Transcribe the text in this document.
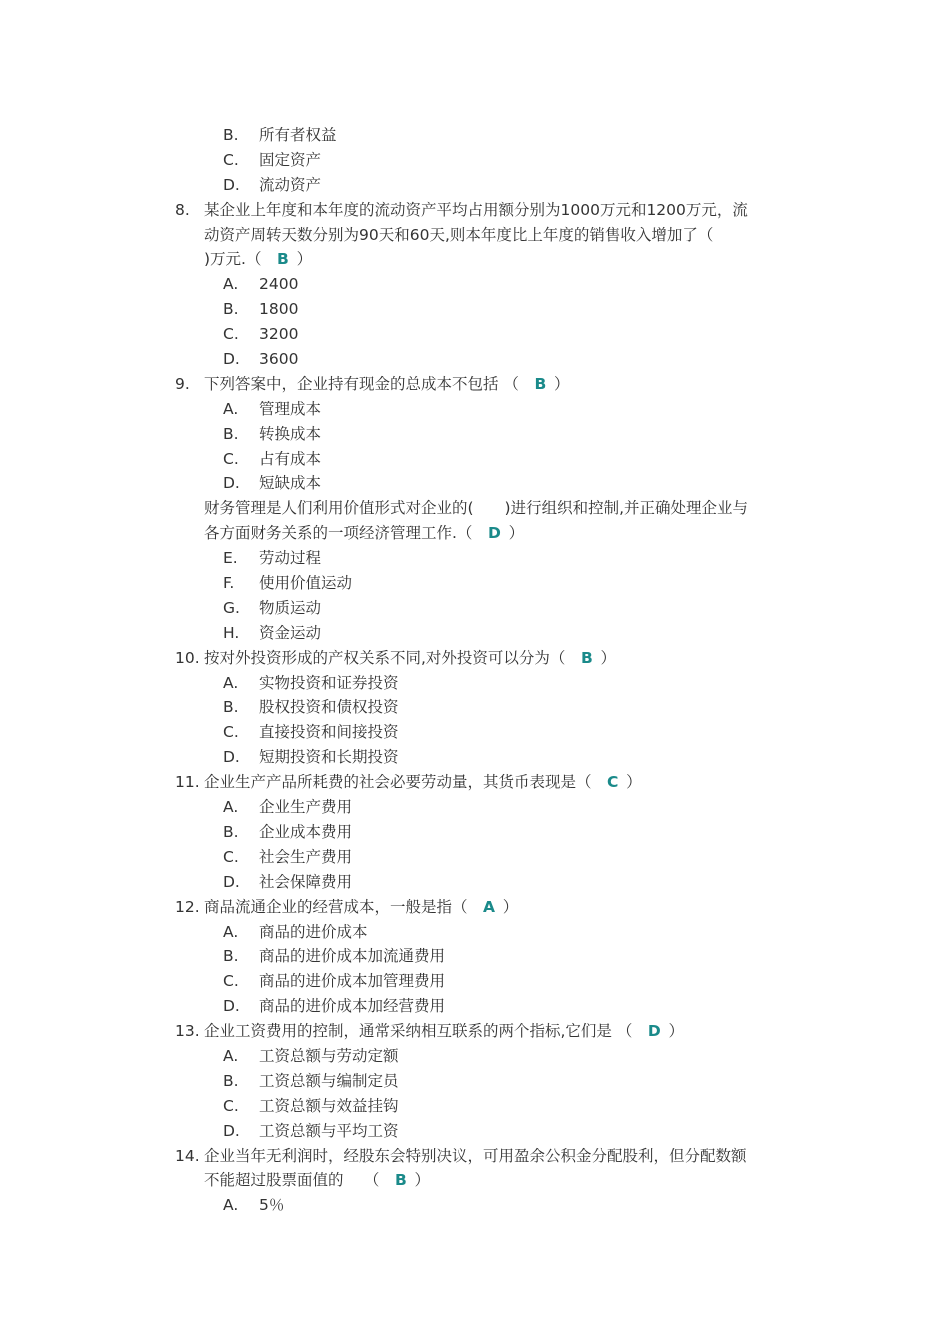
B. 所有者权益
C. 固定资产
D. 流动资产
8. 某企业上年度和本年度的流动资产平均占用额分别为1000万元和1200万元，流
动资产周转天数分别为90天和60天,则本年度比上年度的销售收入增加了（
)万元.（   B  ）
A. 2400
B. 1800
C. 3200
D. 3600
9. 下列答案中，企业持有现金的总成本不包括 （   B  ）
A. 管理成本
B. 转换成本
C. 占有成本
D. 短缺成本
财务管理是人们利用价值形式对企业的(　　)进行组织和控制,并正确处理企业与
各方面财务关系的一项经济管理工作.（   D  ）
E. 劳动过程
F. 使用价值运动
G. 物质运动
H. 资金运动
10. 按对外投资形成的产权关系不同,对外投资可以分为（   B  ）
A. 实物投资和证券投资
B. 股权投资和债权投资
C. 直接投资和间接投资
D. 短期投资和长期投资
11. 企业生产产品所耗费的社会必要劳动量，其货币表现是（   C  ）
A. 企业生产费用
B. 企业成本费用
C. 社会生产费用
D. 社会保障费用
12. 商品流通企业的经营成本，一般是指（   A  ）
A. 商品的进价成本
B. 商品的进价成本加流通费用
C. 商品的进价成本加管理费用
D. 商品的进价成本加经营费用
13. 企业工资费用的控制，通常采纳相互联系的两个指标,它们是 （   D  ）
A. 工资总额与劳动定额
B. 工资总额与编制定员
C. 工资总额与效益挂钩
D. 工资总额与平均工资
14. 企业当年无利润时，经股东会特别决议，可用盈余公积金分配股利，但分配数额
不能超过股票面值的　 （   B  ）
A. 5％
